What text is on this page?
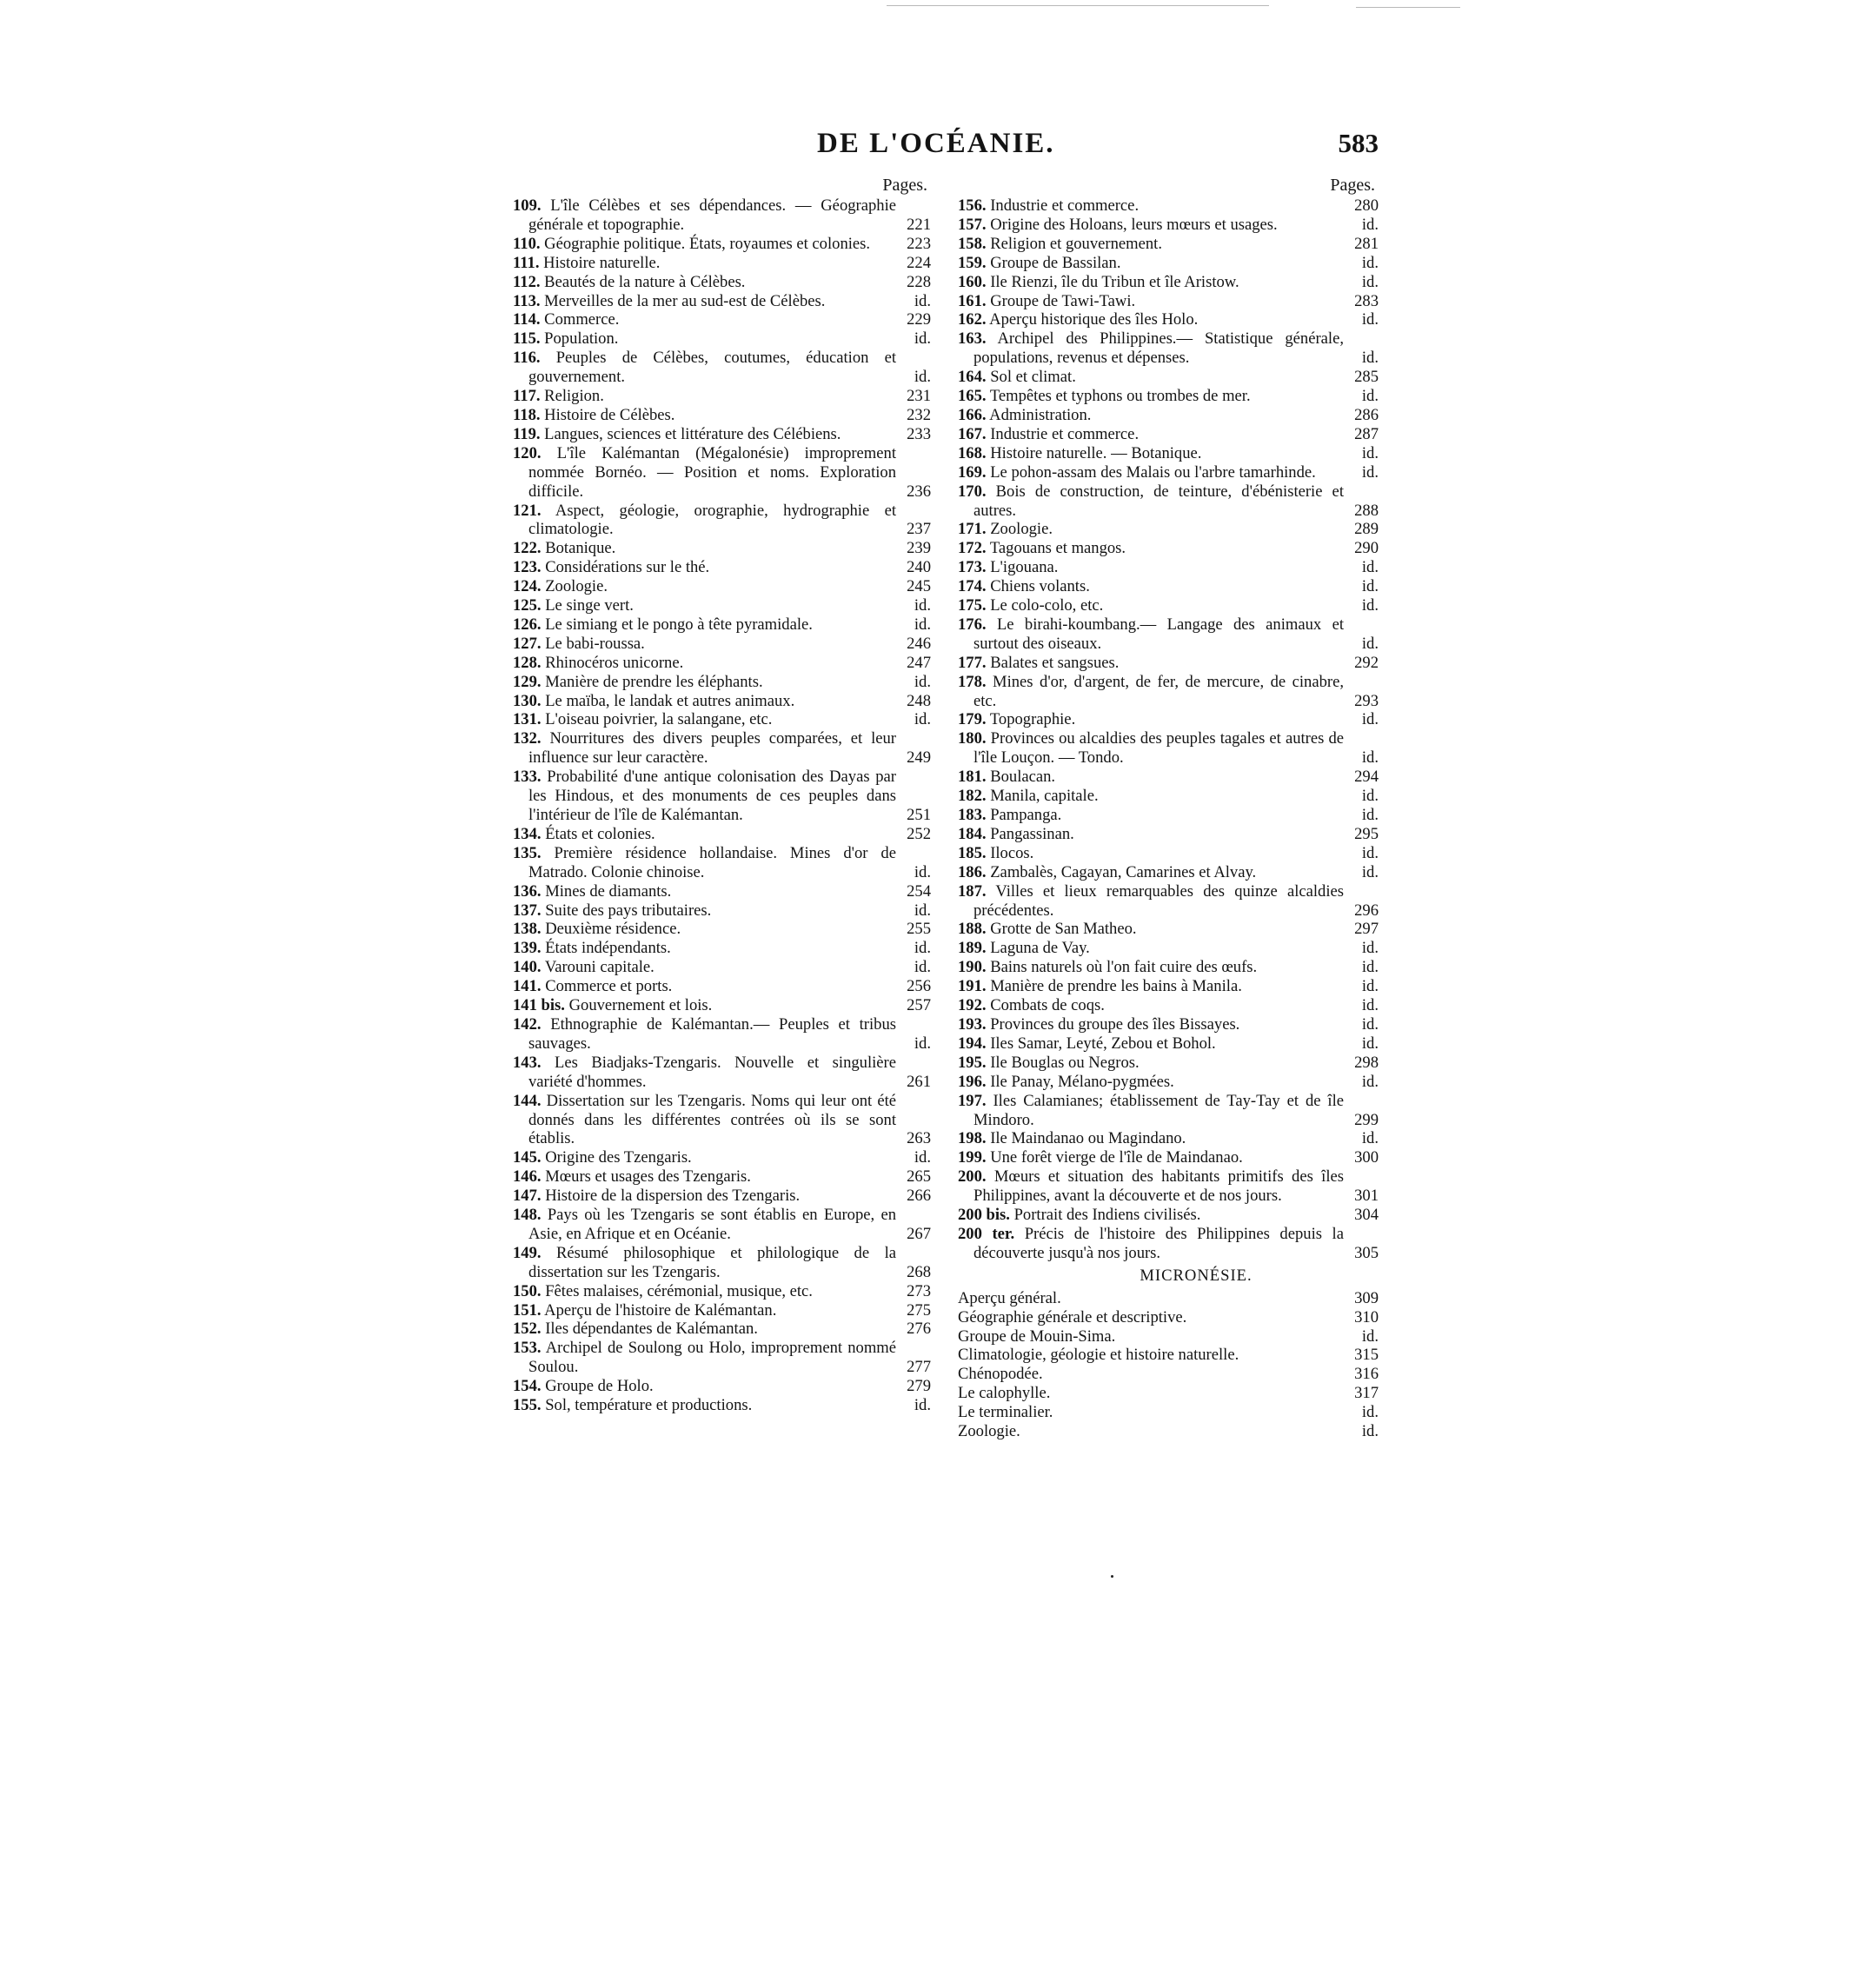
DE L'OCÉANIE.	583
Pages.
109. L'île Célèbes et ses dépendances. — Géographie générale et topographie.	221
110. Géographie politique. États, royaumes et colonies.	223
111. Histoire naturelle.	224
112. Beautés de la nature à Célèbes.	228
113. Merveilles de la mer au sud-est de Célèbes.	id.
114. Commerce.	229
115. Population.	id.
116. Peuples de Célèbes, coutumes, éducation et gouvernement.	id.
117. Religion.	231
118. Histoire de Célèbes.	232
119. Langues, sciences et littérature des Célébiens.	233
120. L'île Kalémantan (Mégalonésie) improprement nommée Bornéo. — Position et noms. Exploration difficile.	236
121. Aspect, géologie, orographie, hydrographie et climatologie.	237
122. Botanique.	239
123. Considérations sur le thé.	240
124. Zoologie.	245
125. Le singe vert.	id.
126. Le simiang et le pongo à tête pyramidale.	id.
127. Le babi-roussa.	246
128. Rhinocéros unicorne.	247
129. Manière de prendre les éléphants.	id.
130. Le maïba, le landak et autres animaux.	248
131. L'oiseau poivrier, la salangane, etc.	id.
132. Nourritures des divers peuples comparées, et leur influence sur leur caractère.	249
133. Probabilité d'une antique colonisation des Dayas par les Hindous, et des monuments de ces peuples dans l'intérieur de l'île de Kalémantan.	251
134. États et colonies.	252
135. Première résidence hollandaise. Mines d'or de Matrado. Colonie chinoise.	id.
136. Mines de diamants.	254
137. Suite des pays tributaires.	id.
138. Deuxième résidence.	255
139. États indépendants.	id.
140. Varouni capitale.	id.
141. Commerce et ports.	256
141 bis. Gouvernement et lois.	257
142. Ethnographie de Kalémantan.— Peuples et tribus sauvages.	id.
143. Les Biadjaks-Tzengaris. Nouvelle et singulière variété d'hommes.	261
144. Dissertation sur les Tzengaris. Noms qui leur ont été donnés dans les différentes contrées où ils se sont établis.	263
145. Origine des Tzengaris.	id.
146. Mœurs et usages des Tzengaris.	265
147. Histoire de la dispersion des Tzengaris.	266
148. Pays où les Tzengaris se sont établis en Europe, en Asie, en Afrique et en Océanie.	267
149. Résumé philosophique et philologique de la dissertation sur les Tzengaris.	268
150. Fêtes malaises, cérémonial, musique, etc.	273
151. Aperçu de l'histoire de Kalémantan.	275
152. Iles dépendantes de Kalémantan.	276
153. Archipel de Soulong ou Holo, improprement nommé Soulou.	277
154. Groupe de Holo.	279
155. Sol, température et productions.	id.
Pages.
156. Industrie et commerce.	280
157. Origine des Holoans, leurs mœurs et usages.	id.
158. Religion et gouvernement.	281
159. Groupe de Bassilan.	id.
160. Ile Rienzi, île du Tribun et île Aristow.	id.
161. Groupe de Tawi-Tawi.	283
162. Aperçu historique des îles Holo.	id.
163. Archipel des Philippines.— Statistique générale, populations, revenus et dépenses.	id.
164. Sol et climat.	285
165. Tempêtes et typhons ou trombes de mer.	id.
166. Administration.	286
167. Industrie et commerce.	287
168. Histoire naturelle. — Botanique.	id.
169. Le pohon-assam des Malais ou l'arbre tamarhinde.	id.
170. Bois de construction, de teinture, d'ébénisterie et autres.	288
171. Zoologie.	289
172. Tagouans et mangos.	290
173. L'igouana.	id.
174. Chiens volants.	id.
175. Le colo-colo, etc.	id.
176. Le birahi-koumbang.— Langage des animaux et surtout des oiseaux.	id.
177. Balates et sangsues.	292
178. Mines d'or, d'argent, de fer, de mercure, de cinabre, etc.	293
179. Topographie.	id.
180. Provinces ou alcaldies des peuples tagales et autres de l'île Louçon. — Tondo.	id.
181. Boulacan.	294
182. Manila, capitale.	id.
183. Pampanga.	id.
184. Pangassinan.	295
185. Ilocos.	id.
186. Zambalès, Cagayan, Camarines et Alvay.	id.
187. Villes et lieux remarquables des quinze alcaldies précédentes.	296
188. Grotte de San Matheo.	297
189. Laguna de Vay.	id.
190. Bains naturels où l'on fait cuire des œufs.	id.
191. Manière de prendre les bains à Manila.	id.
192. Combats de coqs.	id.
193. Provinces du groupe des îles Bissayes.	id.
194. Iles Samar, Leyté, Zebou et Bohol.	id.
195. Ile Bouglas ou Negros.	298
196. Ile Panay, Mélano-pygmées.	id.
197. Iles Calamianes; établissement de Tay-Tay et de île Mindoro.	299
198. Ile Maindanao ou Magindano.	id.
199. Une forêt vierge de l'île de Maindanao.	300
200. Mœurs et situation des habitants primitifs des îles Philippines, avant la découverte et de nos jours.	301
200 bis. Portrait des Indiens civilisés.	304
200 ter. Précis de l'histoire des Philippines depuis la découverte jusqu'à nos jours.	305
MICRONÉSIE.
Aperçu général.	309
Géographie générale et descriptive.	310
Groupe de Mouin-Sima.	id.
Climatologie, géologie et histoire naturelle.	315
Chénopodée.	316
Le calophylle.	317
Le terminalier.	id.
Zoologie.	id.
